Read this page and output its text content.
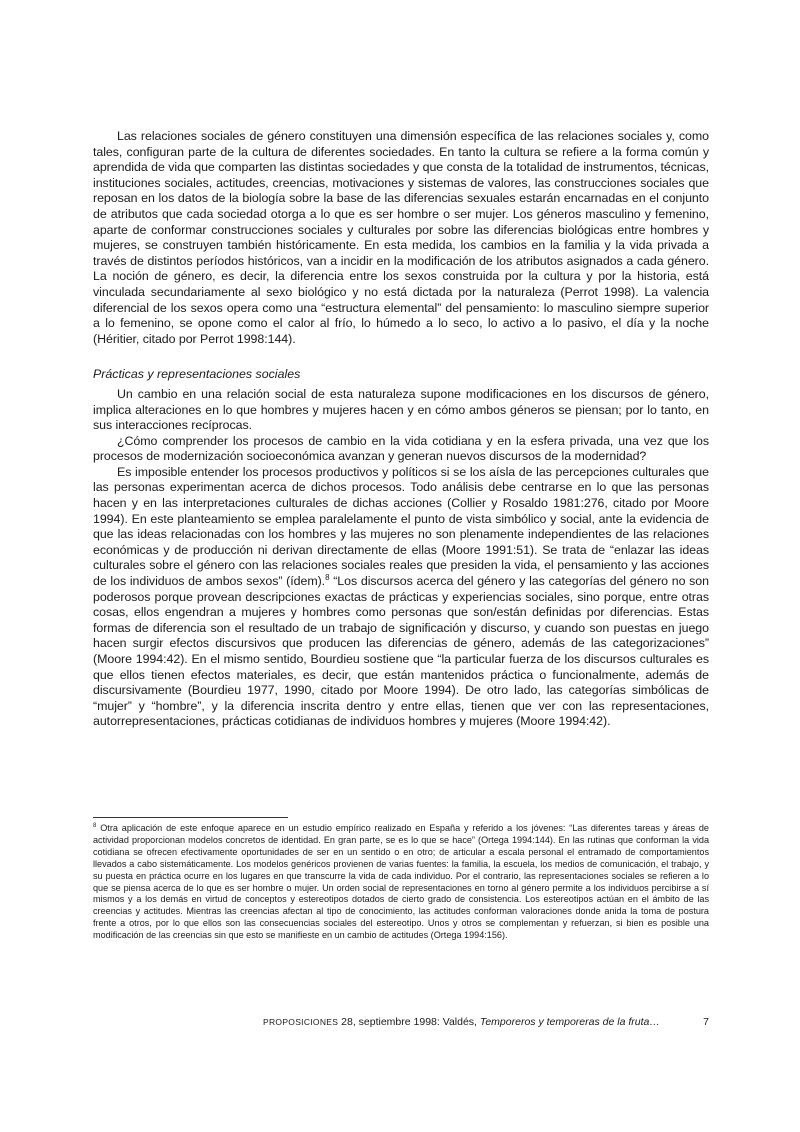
Las relaciones sociales de género constituyen una dimensión específica de las relaciones sociales y, como tales, configuran parte de la cultura de diferentes sociedades. En tanto la cultura se refiere a la forma común y aprendida de vida que comparten las distintas sociedades y que consta de la totalidad de instrumentos, técnicas, instituciones sociales, actitudes, creencias, motivaciones y sistemas de valores, las construcciones sociales que reposan en los datos de la biología sobre la base de las diferencias sexuales estarán encarnadas en el conjunto de atributos que cada sociedad otorga a lo que es ser hombre o ser mujer. Los géneros masculino y femenino, aparte de conformar construcciones sociales y culturales por sobre las diferencias biológicas entre hombres y mujeres, se construyen también históricamente. En esta medida, los cambios en la familia y la vida privada a través de distintos períodos históricos, van a incidir en la modificación de los atributos asignados a cada género. La noción de género, es decir, la diferencia entre los sexos construida por la cultura y por la historia, está vinculada secundariamente al sexo biológico y no está dictada por la naturaleza (Perrot 1998). La valencia diferencial de los sexos opera como una “estructura elemental” del pensamiento: lo masculino siempre superior a lo femenino, se opone como el calor al frío, lo húmedo a lo seco, lo activo a lo pasivo, el día y la noche (Héritier, citado por Perrot 1998:144).

Prácticas y representaciones sociales

Un cambio en una relación social de esta naturaleza supone modificaciones en los discursos de género, implica alteraciones en lo que hombres y mujeres hacen y en cómo ambos géneros se piensan; por lo tanto, en sus interacciones recíprocas.

¿Cómo comprender los procesos de cambio en la vida cotidiana y en la esfera privada, una vez que los procesos de modernización socioeconómica avanzan y generan nuevos discursos de la modernidad?

Es imposible entender los procesos productivos y políticos si se los aísla de las percepciones culturales que las personas experimentan acerca de dichos procesos. Todo análisis debe centrarse en lo que las personas hacen y en las interpretaciones culturales de dichas acciones (Collier y Rosaldo 1981:276, citado por Moore 1994). En este planteamiento se emplea paralelamente el punto de vista simbólico y social, ante la evidencia de que las ideas relacionadas con los hombres y las mujeres no son plenamente independientes de las relaciones económicas y de producción ni derivan directamente de ellas (Moore 1991:51). Se trata de “enlazar las ideas culturales sobre el género con las relaciones sociales reales que presiden la vida, el pensamiento y las acciones de los individuos de ambos sexos” (ídem).$^8$ “Los discursos acerca del género y las categorías del género no son poderosos porque provean descripciones exactas de prácticas y experiencias sociales, sino porque, entre otras cosas, ellos engendran a mujeres y hombres como personas que son/están definidas por diferencias. Estas formas de diferencia son el resultado de un trabajo de significación y discurso, y cuando son puestas en juego hacen surgir efectos discursivos que producen las diferencias de género, además de las categorizaciones” (Moore 1994:42). En el mismo sentido, Bourdieu sostiene que “la particular fuerza de los discursos culturales es que ellos tienen efectos materiales, es decir, que están mantenidos práctica o funcionalmente, además de discursivamente (Bourdieu 1977, 1990, citado por Moore 1994). De otro lado, las categorías simbólicas de “mujer” y “hombre”, y la diferencia inscrita dentro y entre ellas, tienen que ver con las representaciones, autorrepresentaciones, prácticas cotidianas de individuos hombres y mujeres (Moore 1994:42).

$^8$ Otra aplicación de este enfoque aparece en un estudio empírico realizado en España y referido a los jóvenes: “Las diferentes tareas y áreas de actividad proporcionan modelos concretos de identidad. En gran parte, se es lo que se hace” (Ortega 1994:144). En las rutinas que conforman la vida cotidiana se ofrecen efectivamente oportunidades de ser en un sentido o en otro; de articular a escala personal el entramado de comportamientos llevados a cabo sistemáticamente. Los modelos genéricos provienen de varias fuentes: la familia, la escuela, los medios de comunicación, el trabajo, y su puesta en práctica ocurre en los lugares en que transcurre la vida de cada individuo. Por el contrario, las representaciones sociales se refieren a lo que se piensa acerca de lo que es ser hombre o mujer. Un orden social de representaciones en torno al género permite a los individuos percibirse a sí mismos y a los demás en virtud de conceptos y estereotipos dotados de cierto grado de consistencia. Los estereotipos actúan en el ámbito de las creencias y actitudes. Mientras las creencias afectan al tipo de conocimiento, las actitudes conforman valoraciones donde anida la toma de postura frente a otros, por lo que ellos son las consecuencias sociales del estereotipo. Unos y otros se complementan y refuerzan, si bien es posible una modificación de las creencias sin que esto se manifieste en un cambio de actitudes (Ortega 1994:156).

PROPOSICIONES 28, septiembre 1998: Valdés, Temporeros y temporeras de la fruta…	7
